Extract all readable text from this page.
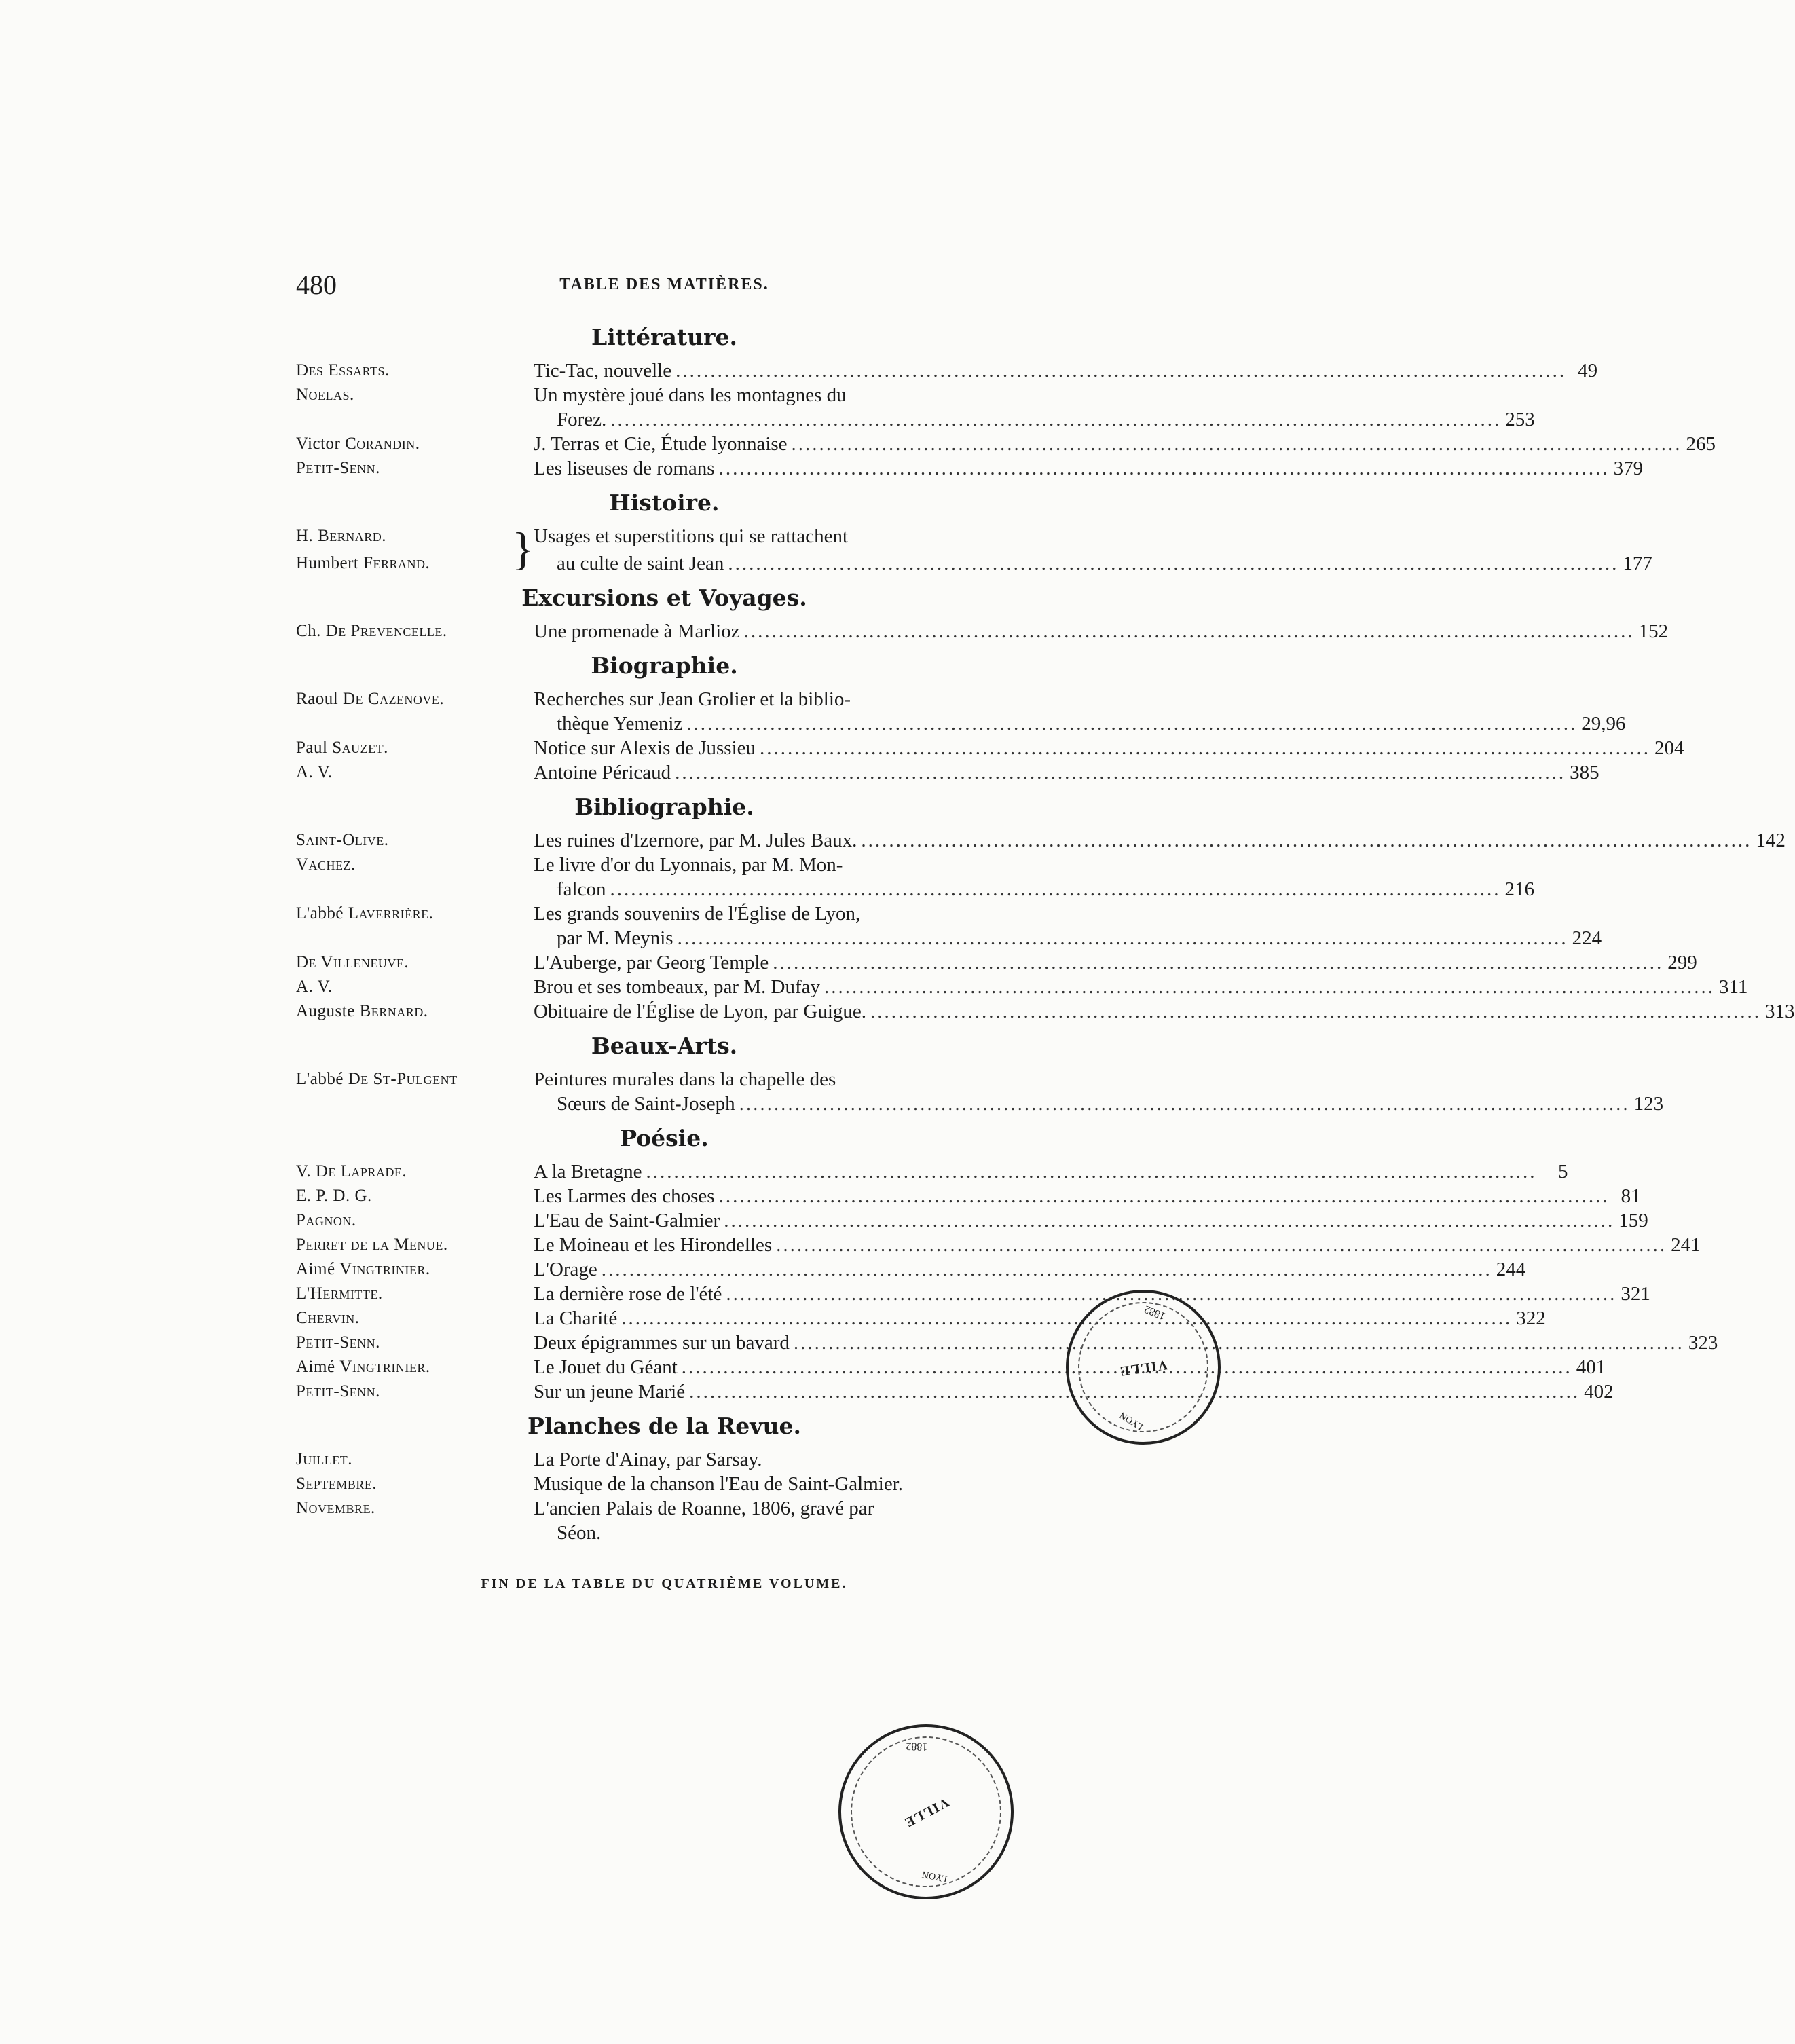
480	TABLE DES MATIÈRES.
Littérature.
Des Essarts.	Tic-Tac, nouvelle .....	49
Noelas.	Un mystère joué dans les montagnes du
Forez. .....	253
Victor Corandin.	J. Terras et Cie, Étude lyonnaise .....	265
Petit-Senn.	Les liseuses de romans .....	379
Histoire.
H. Bernard.
Humbert Ferrand.	} Usages et superstitions qui se rattachent
au culte de saint Jean .....	177
Excursions et Voyages.
Ch. De Prevencelle.	Une promenade à Marlioz .....	152
Biographie.
Raoul De Cazenove.	Recherches sur Jean Grolier et la biblio-
thèque Yemeniz .....	29,96
Paul Sauzet.	Notice sur Alexis de Jussieu .....	204
A. V.	Antoine Péricaud .....	385
Bibliographie.
Saint-Olive.	Les ruines d'Izernore, par M. Jules Baux. .....	142
Vachez.	Le livre d'or du Lyonnais, par M. Mon-
falcon .....	216
L'abbé Laverrière.	Les grands souvenirs de l'Église de Lyon,
par M. Meynis .....	224
De Villeneuve.	L'Auberge, par Georg Temple .....	299
A. V.	Brou et ses tombeaux, par M. Dufay .....	311
Auguste Bernard.	Obituaire de l'Église de Lyon, par Guigue. .....	313
Beaux-Arts.
L'abbé De St-Pulgent	Peintures murales dans la chapelle des
Sœurs de Saint-Joseph .....	123
Poésie.
V. De Laprade.	A la Bretagne .....	5
E. P. D. G.	Les Larmes des choses .....	81
Pagnon.	L'Eau de Saint-Galmier .....	159
Perret de la Menue.	Le Moineau et les Hirondelles .....	241
Aimé Vingtrinier.	L'Orage .....	244
L'Hermitte.	La dernière rose de l'été .....	321
Chervin.	La Charité .....	322
Petit-Senn.	Deux épigrammes sur un bavard .....	323
Aimé Vingtrinier.	Le Jouet du Géant .....	401
Petit-Senn.	Sur un jeune Marié .....	402
Planches de la Revue.
Juillet.	La Porte d'Ainay, par Sarsay.
Septembre.	Musique de la chanson l'Eau de Saint-Galmier.
Novembre.	L'ancien Palais de Roanne, 1806, gravé par
Séon.
FIN DE LA TABLE DU QUATRIÈME VOLUME.
1882
VILLE
LYON
1882
VILLE
LYON
